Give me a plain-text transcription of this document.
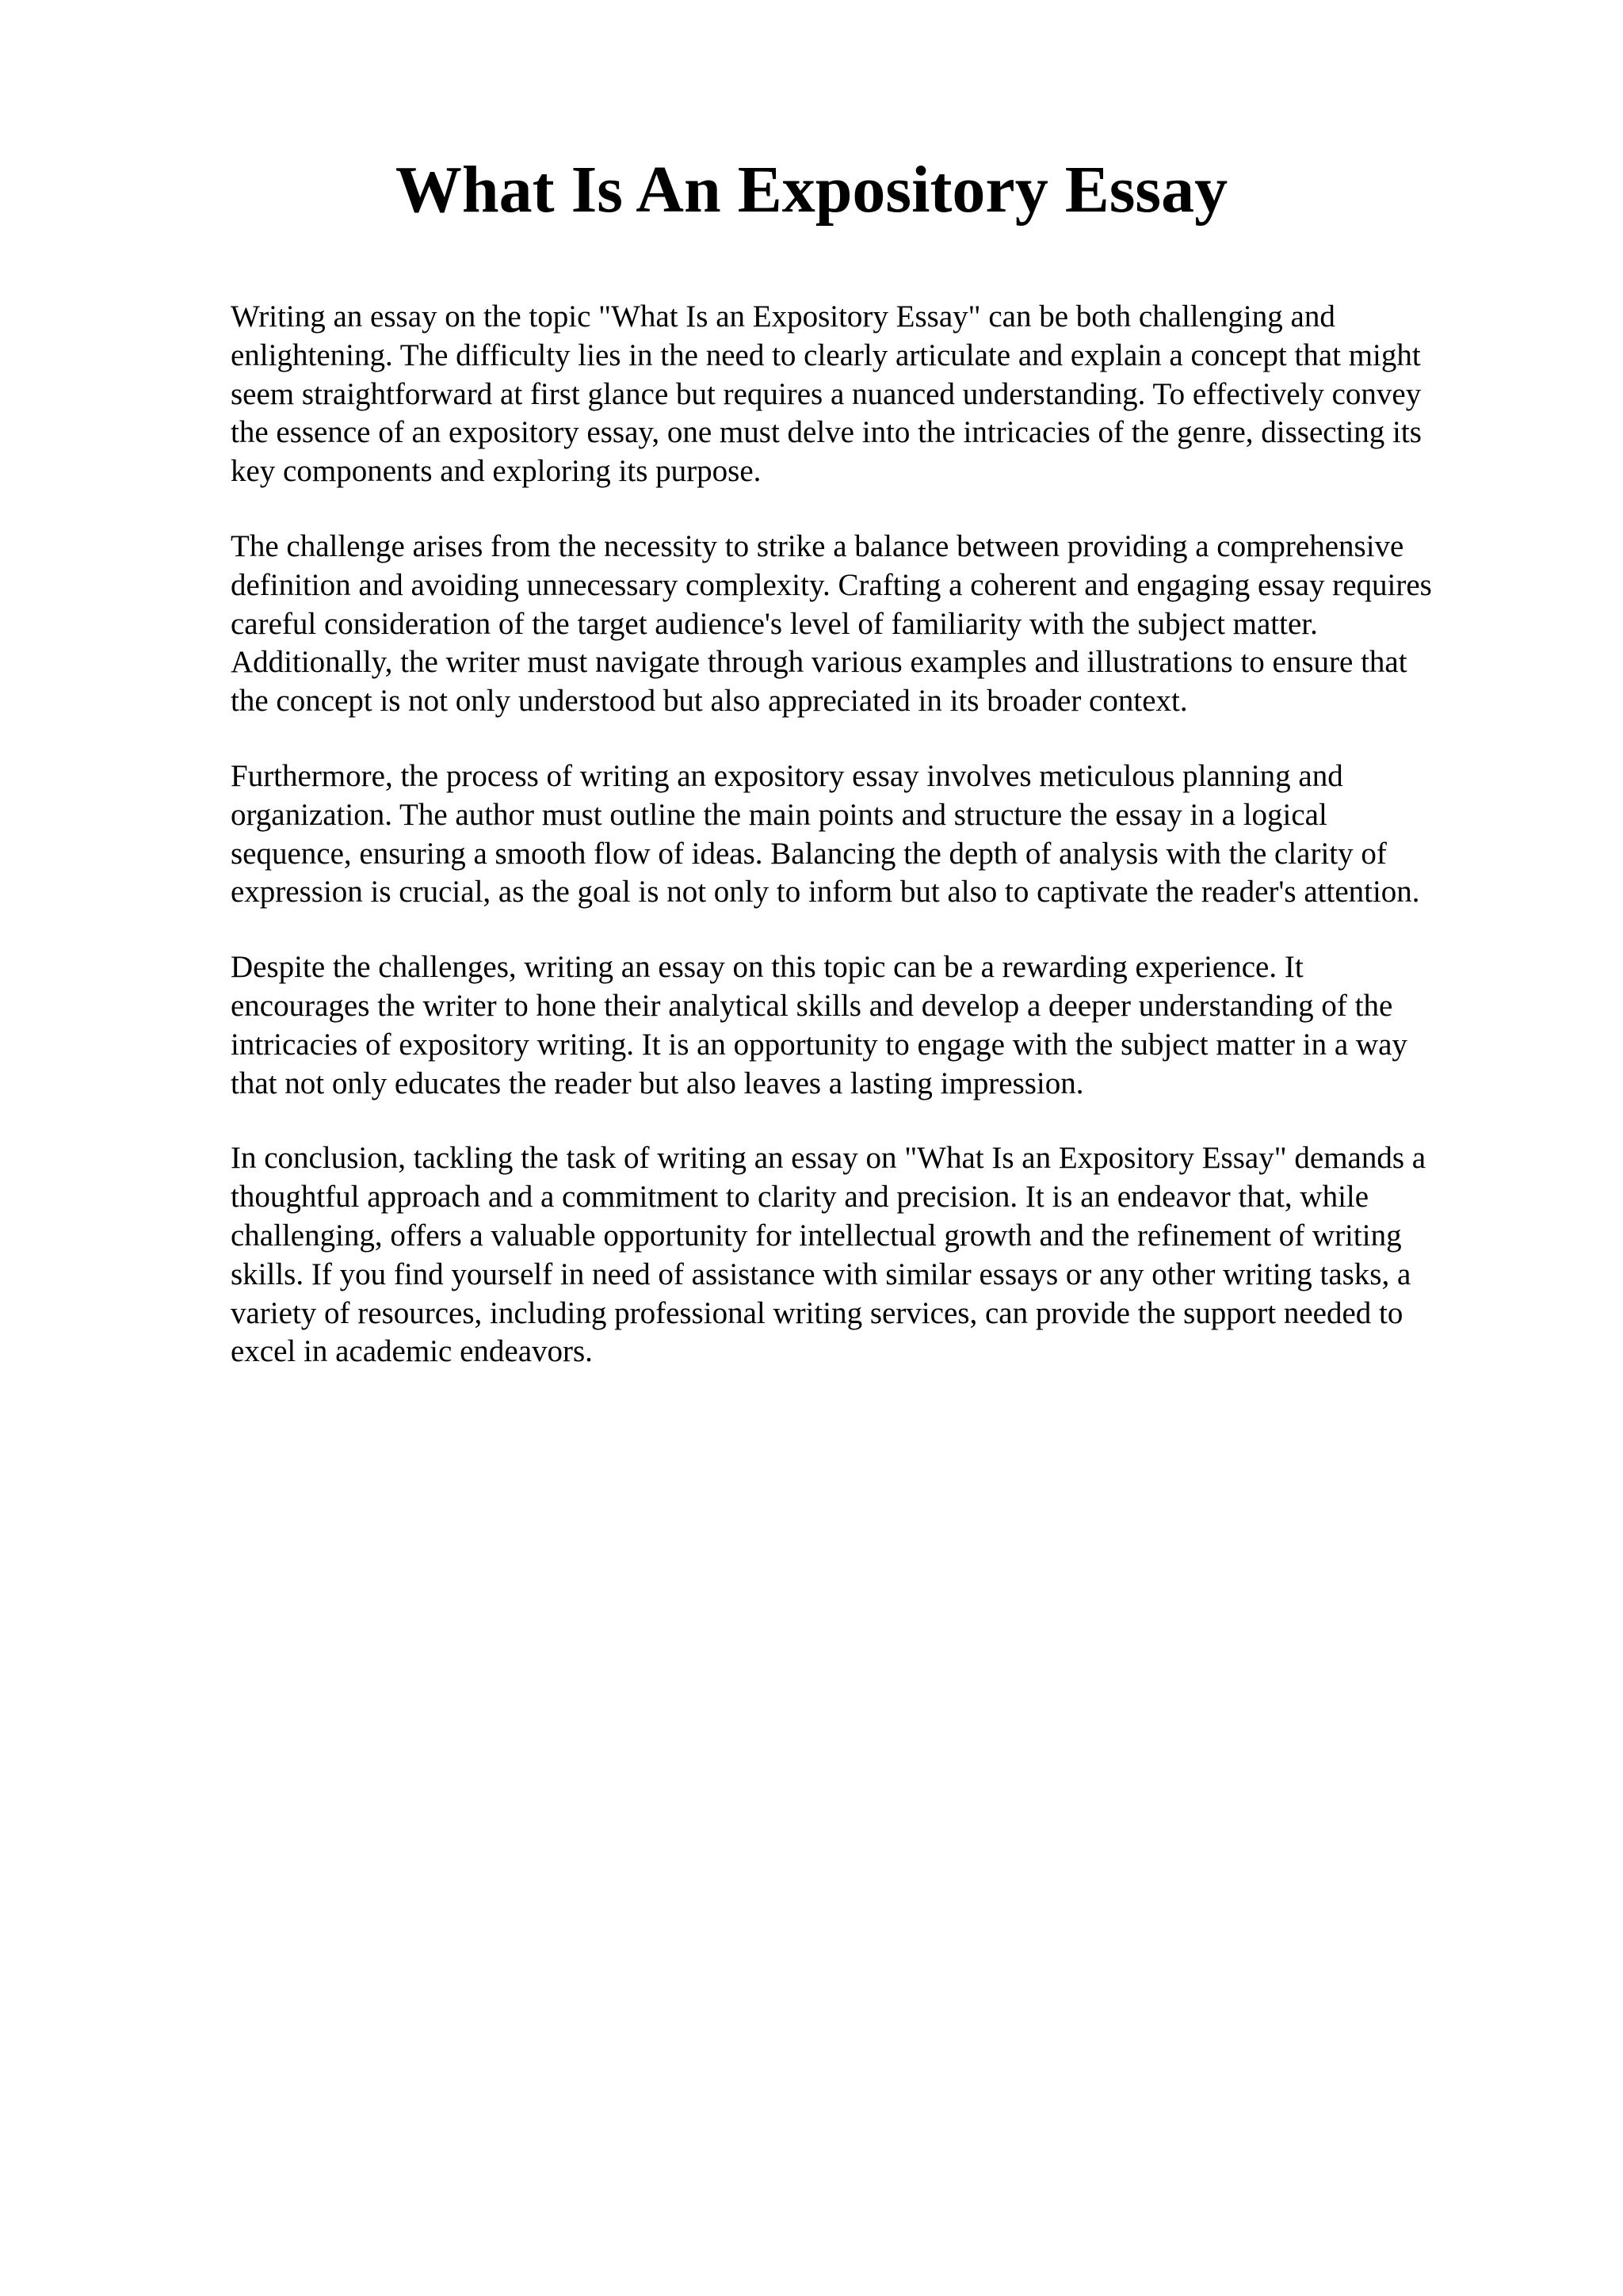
What Is An Expository Essay

Writing an essay on the topic "What Is an Expository Essay" can be both challenging and
enlightening. The difficulty lies in the need to clearly articulate and explain a concept that might
seem straightforward at first glance but requires a nuanced understanding. To effectively convey
the essence of an expository essay, one must delve into the intricacies of the genre, dissecting its
key components and exploring its purpose.

The challenge arises from the necessity to strike a balance between providing a comprehensive
definition and avoiding unnecessary complexity. Crafting a coherent and engaging essay requires
careful consideration of the target audience's level of familiarity with the subject matter.
Additionally, the writer must navigate through various examples and illustrations to ensure that
the concept is not only understood but also appreciated in its broader context.

Furthermore, the process of writing an expository essay involves meticulous planning and
organization. The author must outline the main points and structure the essay in a logical
sequence, ensuring a smooth flow of ideas. Balancing the depth of analysis with the clarity of
expression is crucial, as the goal is not only to inform but also to captivate the reader's attention.

Despite the challenges, writing an essay on this topic can be a rewarding experience. It
encourages the writer to hone their analytical skills and develop a deeper understanding of the
intricacies of expository writing. It is an opportunity to engage with the subject matter in a way
that not only educates the reader but also leaves a lasting impression.

In conclusion, tackling the task of writing an essay on "What Is an Expository Essay" demands a
thoughtful approach and a commitment to clarity and precision. It is an endeavor that, while
challenging, offers a valuable opportunity for intellectual growth and the refinement of writing
skills. If you find yourself in need of assistance with similar essays or any other writing tasks, a
variety of resources, including professional writing services, can provide the support needed to
excel in academic endeavors.
